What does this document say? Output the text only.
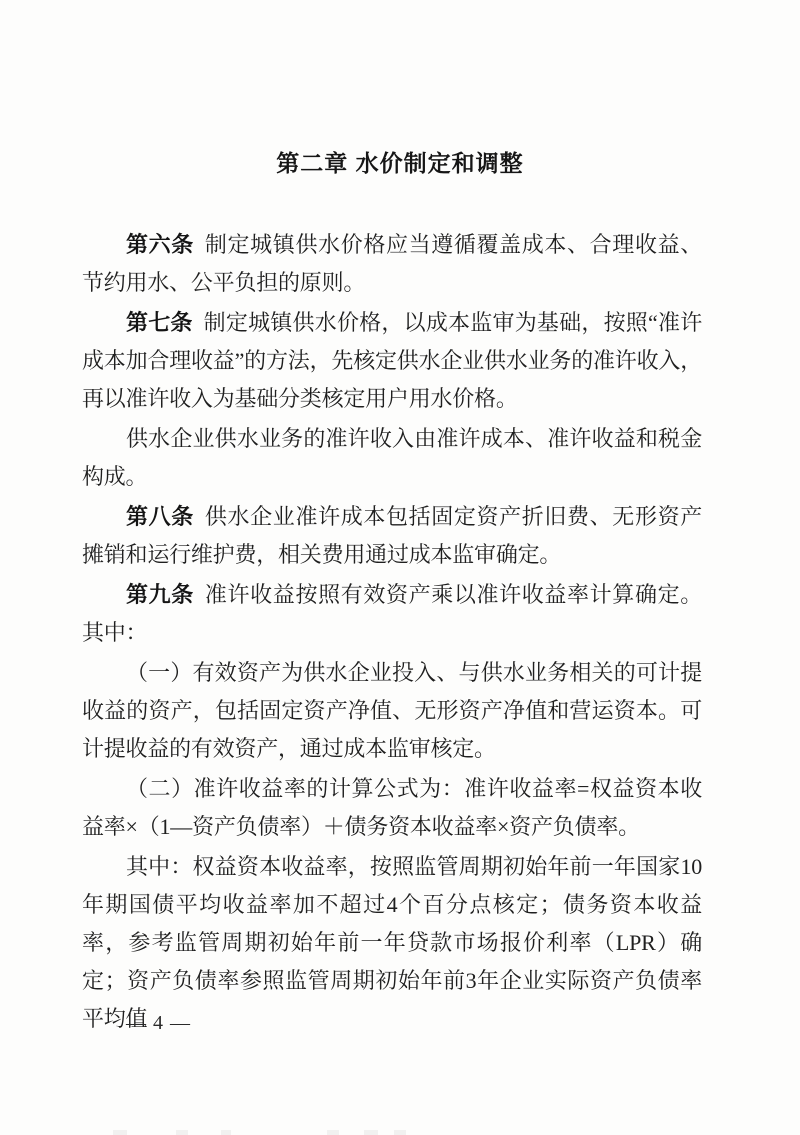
第二章 水价制定和调整

第六条 制定城镇供水价格应当遵循覆盖成本、合理收益、节约用水、公平负担的原则。

第七条 制定城镇供水价格，以成本监审为基础，按照“准许成本加合理收益”的方法，先核定供水企业供水业务的准许收入，再以准许收入为基础分类核定用户用水价格。

供水企业供水业务的准许收入由准许成本、准许收益和税金构成。

第八条 供水企业准许成本包括固定资产折旧费、无形资产摊销和运行维护费，相关费用通过成本监审确定。

第九条 准许收益按照有效资产乘以准许收益率计算确定。其中：

（一）有效资产为供水企业投入、与供水业务相关的可计提收益的资产，包括固定资产净值、无形资产净值和营运资本。可计提收益的有效资产，通过成本监审核定。

（二）准许收益率的计算公式为：准许收益率=权益资本收益率×（1—资产负债率）＋债务资本收益率×资产负债率。

其中：权益资本收益率，按照监管周期初始年前一年国家10年期国债平均收益率加不超过4个百分点核定；债务资本收益率，参考监管周期初始年前一年贷款市场报价利率（LPR）确定；资产负债率参照监管周期初始年前3年企业实际资产负债率平均值

— 4 —
